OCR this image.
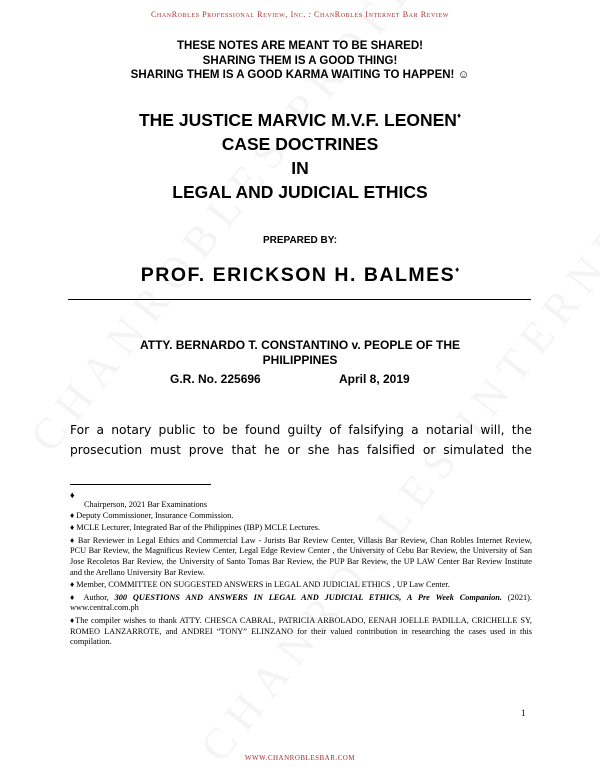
ChanRobles Professional Review, Inc. : ChanRobles Internet Bar Review
THESE NOTES ARE MEANT TO BE SHARED!
SHARING THEM IS A GOOD THING!
SHARING THEM IS A GOOD KARMA WAITING TO HAPPEN! ☺
THE JUSTICE MARVIC M.V.F. LEONEN♦
CASE DOCTRINES
IN
LEGAL AND JUDICIAL ETHICS
PREPARED BY:
PROF. ERICKSON H. BALMES♦
ATTY. BERNARDO T. CONSTANTINO v. PEOPLE OF THE
PHILIPPINES
G.R. No. 225696	April 8, 2019
For a notary public to be found guilty of falsifying a notarial will, the
prosecution must prove that he or she has falsified or simulated the

♦
Chairperson, 2021 Bar Examinations

♦ Deputy Commissioner, Insurance Commission.

♦ MCLE Lecturer, Integrated Bar of the Philippines (IBP) MCLE Lectures.

♦ Bar Reviewer in Legal Ethics and Commercial Law - Jurists Bar Review Center, Villasis Bar Review, Chan Robles Internet Review, PCU Bar Review, the Magnificus Review Center, Legal Edge Review Center , the University of Cebu Bar Review, the University of San Jose Recoletos Bar Review, the University of Santo Tomas Bar Review, the PUP Bar Review, the UP LAW Center Bar Review Institute and the Arellano University Bar Review.

♦ Member, COMMITTEE ON SUGGESTED ANSWERS in LEGAL AND JUDICIAL ETHICS , UP Law Center.

♦ Author, 300 QUESTIONS AND ANSWERS IN LEGAL AND JUDICIAL ETHICS, A Pre Week Companion. (2021). www.central.com.ph

♦The compiler wishes to thank ATTY. CHESCA CABRAL, PATRICIA ARBOLADO, EENAH JOELLE PADILLA, CRICHELLE SY, ROMEO LANZARROTE, and ANDREI “TONY” ELINZANO for their valued contribution in researching the cases used in this compilation.

1
WWW.CHANROBLESBAR.COM
